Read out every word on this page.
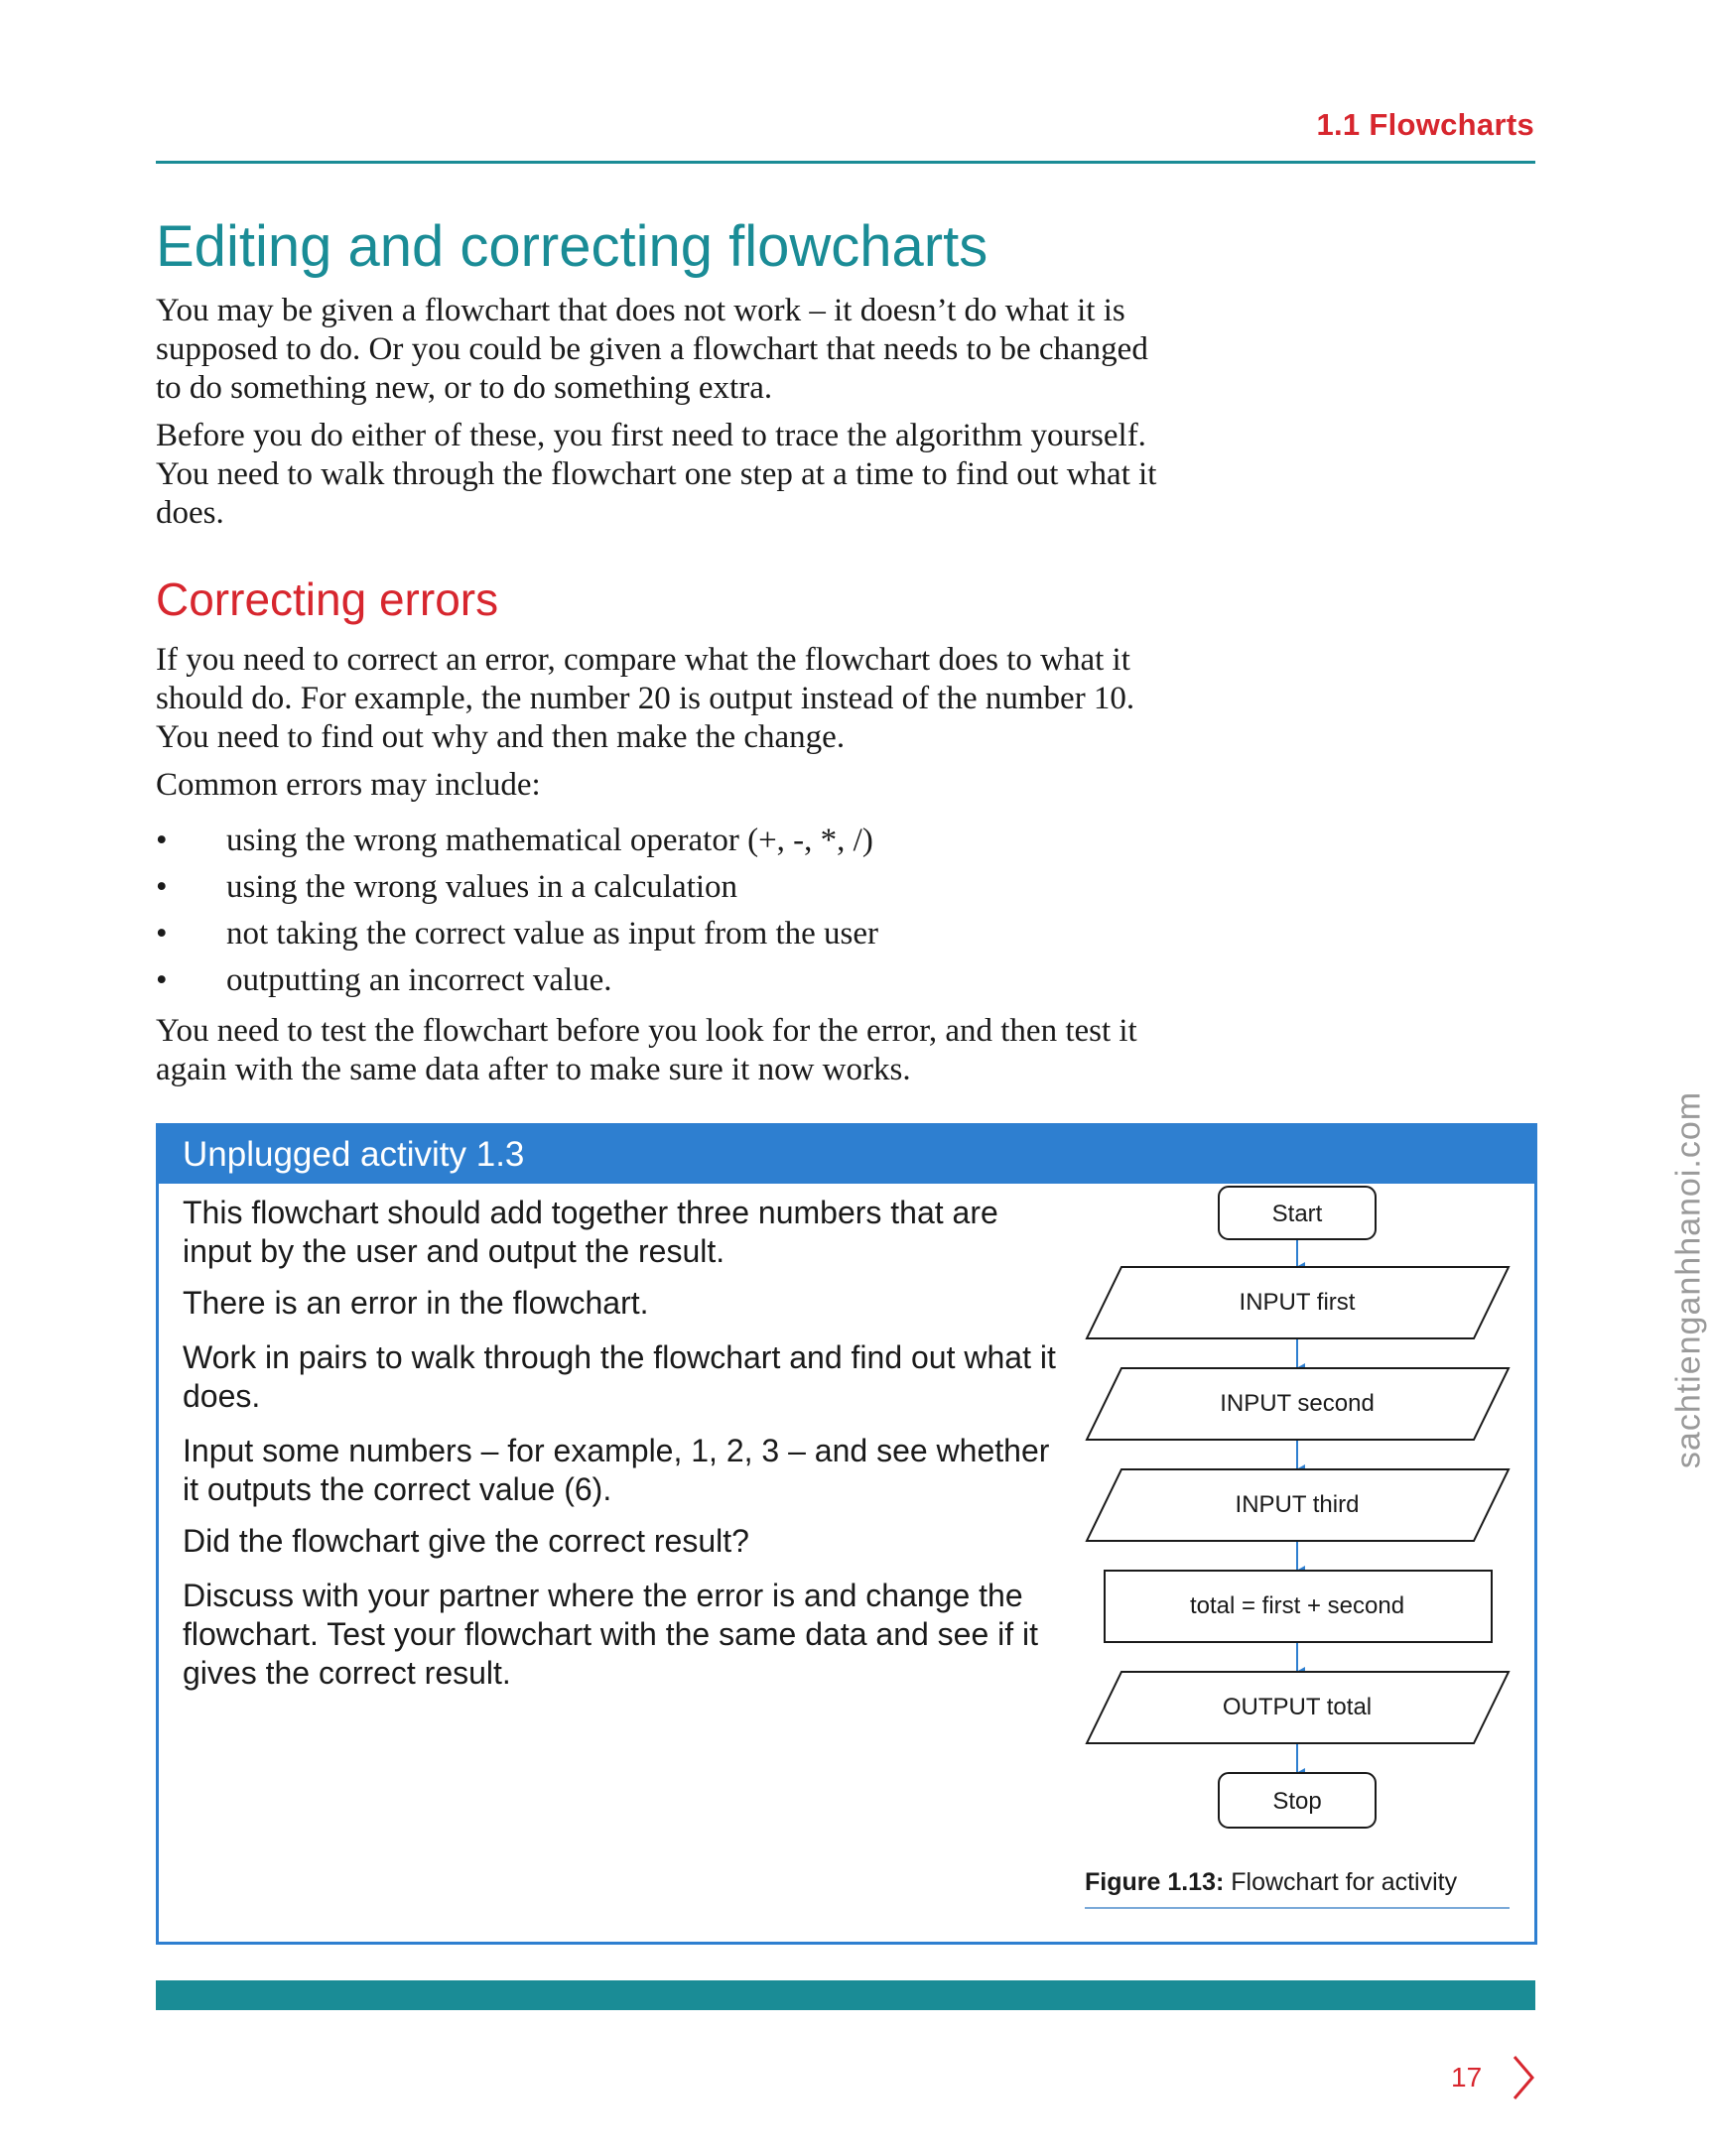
1.1 Flowcharts
Editing and correcting flowcharts

You may be given a flowchart that does not work – it doesn’t do what it is supposed to do. Or you could be given a flowchart that needs to be changed to do something new, or to do something extra.

Before you do either of these, you first need to trace the algorithm yourself. You need to walk through the flowchart one step at a time to find out what it does.

Correcting errors

If you need to correct an error, compare what the flowchart does to what it should do. For example, the number 20 is output instead of the number 10. You need to find out why and then make the change.

Common errors may include:

• using the wrong mathematical operator (+, -, *, /)
• using the wrong values in a calculation
• not taking the correct value as input from the user
• outputting an incorrect value.

You need to test the flowchart before you look for the error, and then test it again with the same data after to make sure it now works.

Unplugged activity 1.3

This flowchart should add together three numbers that are input by the user and output the result.

There is an error in the flowchart.

Work in pairs to walk through the flowchart and find out what it does.

Input some numbers – for example, 1, 2, 3 – and see whether it outputs the correct value (6).

Did the flowchart give the correct result?

Discuss with your partner where the error is and change the flowchart. Test your flowchart with the same data and see if it gives the correct result.

Start
INPUT first
INPUT second
INPUT third
total = first + second
OUTPUT total
Stop
Figure 1.13: Flowchart for activity
17
sachtienganhhanoi.com
